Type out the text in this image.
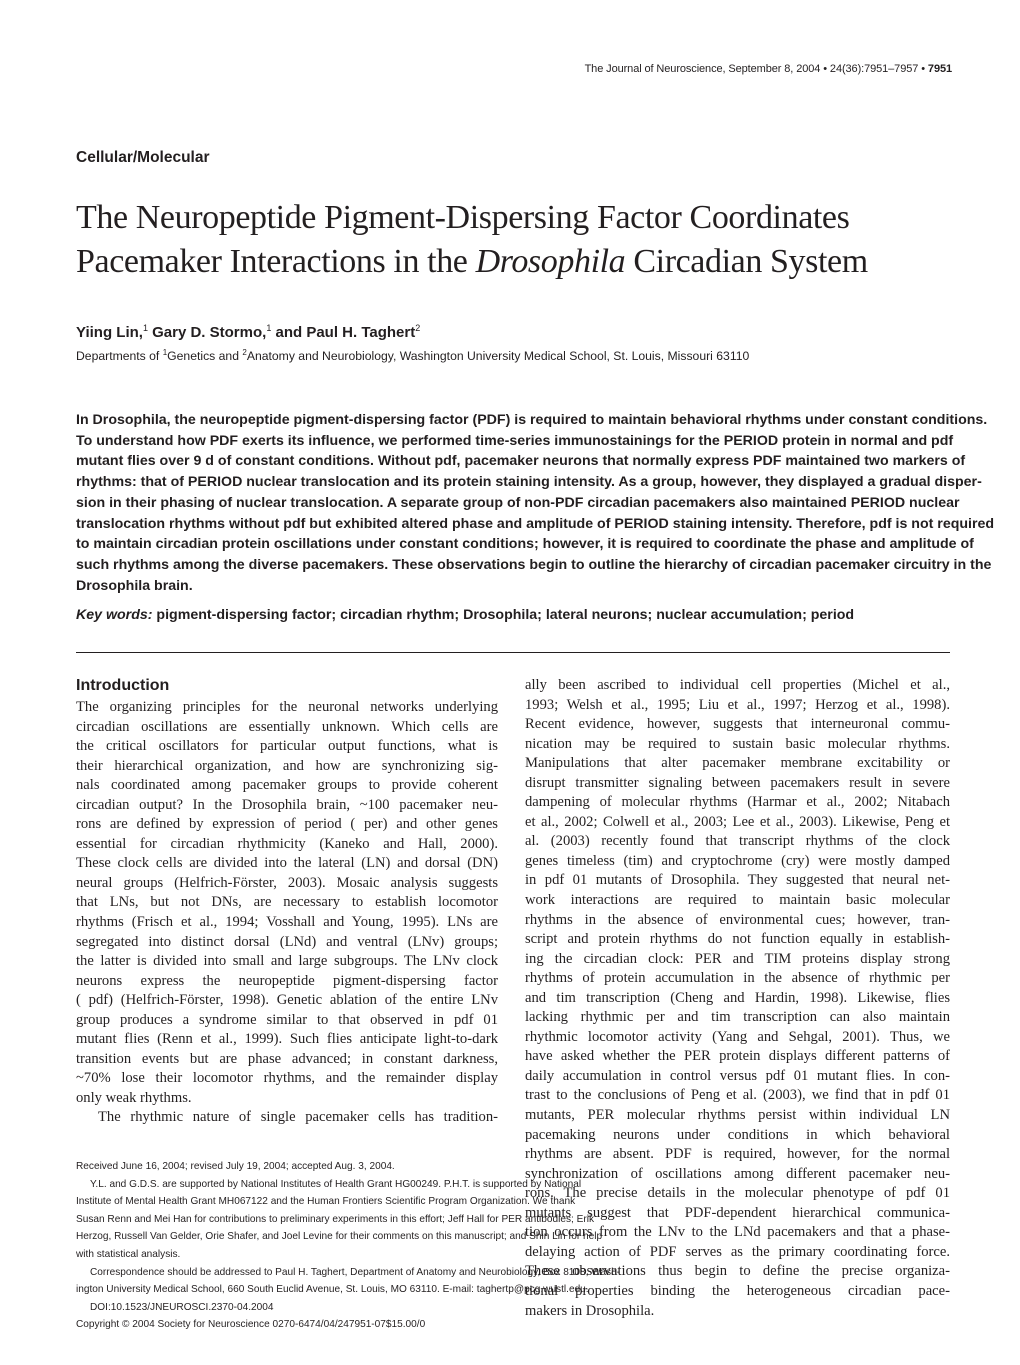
The Journal of Neuroscience, September 8, 2004 • 24(36):7951–7957 • 7951
Cellular/Molecular
The Neuropeptide Pigment-Dispersing Factor Coordinates
Pacemaker Interactions in the Drosophila Circadian System
Yiing Lin,$^1$ Gary D. Stormo,$^1$ and Paul H. Taghert$^2$
Departments of $^1$Genetics and $^2$Anatomy and Neurobiology, Washington University Medical School, St. Louis, Missouri 63110
In Drosophila, the neuropeptide pigment-dispersing factor (PDF) is required to maintain behavioral rhythms under constant conditions.
To understand how PDF exerts its influence, we performed time-series immunostainings for the PERIOD protein in normal and pdf
mutant flies over 9 d of constant conditions. Without pdf, pacemaker neurons that normally express PDF maintained two markers of
rhythms: that of PERIOD nuclear translocation and its protein staining intensity. As a group, however, they displayed a gradual disper-
sion in their phasing of nuclear translocation. A separate group of non-PDF circadian pacemakers also maintained PERIOD nuclear
translocation rhythms without pdf but exhibited altered phase and amplitude of PERIOD staining intensity. Therefore, pdf is not required
to maintain circadian protein oscillations under constant conditions; however, it is required to coordinate the phase and amplitude of
such rhythms among the diverse pacemakers. These observations begin to outline the hierarchy of circadian pacemaker circuitry in the
Drosophila brain.
Key words: pigment-dispersing factor; circadian rhythm; Drosophila; lateral neurons; nuclear accumulation; period
Introduction
The organizing principles for the neuronal networks underlying
circadian oscillations are essentially unknown. Which cells are
the critical oscillators for particular output functions, what is
their hierarchical organization, and how are synchronizing sig-
nals coordinated among pacemaker groups to provide coherent
circadian output? In the Drosophila brain, ~100 pacemaker neu-
rons are defined by expression of period ( per) and other genes
essential for circadian rhythmicity (Kaneko and Hall, 2000).
These clock cells are divided into the lateral (LN) and dorsal (DN)
neural groups (Helfrich-Förster, 2003). Mosaic analysis suggests
that LNs, but not DNs, are necessary to establish locomotor
rhythms (Frisch et al., 1994; Vosshall and Young, 1995). LNs are
segregated into distinct dorsal (LNd) and ventral (LNv) groups;
the latter is divided into small and large subgroups. The LNv clock
neurons express the neuropeptide pigment-dispersing factor
( pdf) (Helfrich-Förster, 1998). Genetic ablation of the entire LNv
group produces a syndrome similar to that observed in pdf 01
mutant flies (Renn et al., 1999). Such flies anticipate light-to-dark
transition events but are phase advanced; in constant darkness,
~70% lose their locomotor rhythms, and the remainder display
only weak rhythms.
The rhythmic nature of single pacemaker cells has tradition-
Received June 16, 2004; revised July 19, 2004; accepted Aug. 3, 2004.
Y.L. and G.D.S. are supported by National Institutes of Health Grant HG00249. P.H.T. is supported by National
Institute of Mental Health Grant MH067122 and the Human Frontiers Scientific Program Organization. We thank
Susan Renn and Mei Han for contributions to preliminary experiments in this effort; Jeff Hall for PER antibodies; Erik
Herzog, Russell Van Gelder, Orie Shafer, and Joel Levine for their comments on this manuscript; and Shin Lin for help
with statistical analysis.
Correspondence should be addressed to Paul H. Taghert, Department of Anatomy and Neurobiology, Box 8108, Wash-
ington University Medical School, 660 South Euclid Avenue, St. Louis, MO 63110. E-mail: taghertp@pcg.wustl.edu.
DOI:10.1523/JNEUROSCI.2370-04.2004
Copyright © 2004 Society for Neuroscience 0270-6474/04/247951-07$15.00/0
ally been ascribed to individual cell properties (Michel et al.,
1993; Welsh et al., 1995; Liu et al., 1997; Herzog et al., 1998).
Recent evidence, however, suggests that interneuronal commu-
nication may be required to sustain basic molecular rhythms.
Manipulations that alter pacemaker membrane excitability or
disrupt transmitter signaling between pacemakers result in severe
dampening of molecular rhythms (Harmar et al., 2002; Nitabach
et al., 2002; Colwell et al., 2003; Lee et al., 2003). Likewise, Peng et
al. (2003) recently found that transcript rhythms of the clock
genes timeless (tim) and cryptochrome (cry) were mostly damped
in pdf 01 mutants of Drosophila. They suggested that neural net-
work interactions are required to maintain basic molecular
rhythms in the absence of environmental cues; however, tran-
script and protein rhythms do not function equally in establish-
ing the circadian clock: PER and TIM proteins display strong
rhythms of protein accumulation in the absence of rhythmic per
and tim transcription (Cheng and Hardin, 1998). Likewise, flies
lacking rhythmic per and tim transcription can also maintain
rhythmic locomotor activity (Yang and Sehgal, 2001). Thus, we
have asked whether the PER protein displays different patterns of
daily accumulation in control versus pdf 01 mutant flies. In con-
trast to the conclusions of Peng et al. (2003), we find that in pdf 01
mutants, PER molecular rhythms persist within individual LN
pacemaking neurons under conditions in which behavioral
rhythms are absent. PDF is required, however, for the normal
synchronization of oscillations among different pacemaker neu-
rons. The precise details in the molecular phenotype of pdf 01
mutants suggest that PDF-dependent hierarchical communica-
tion occurs from the LNv to the LNd pacemakers and that a phase-
delaying action of PDF serves as the primary coordinating force.
These observations thus begin to define the precise organiza-
tional properties binding the heterogeneous circadian pace-
makers in Drosophila.
